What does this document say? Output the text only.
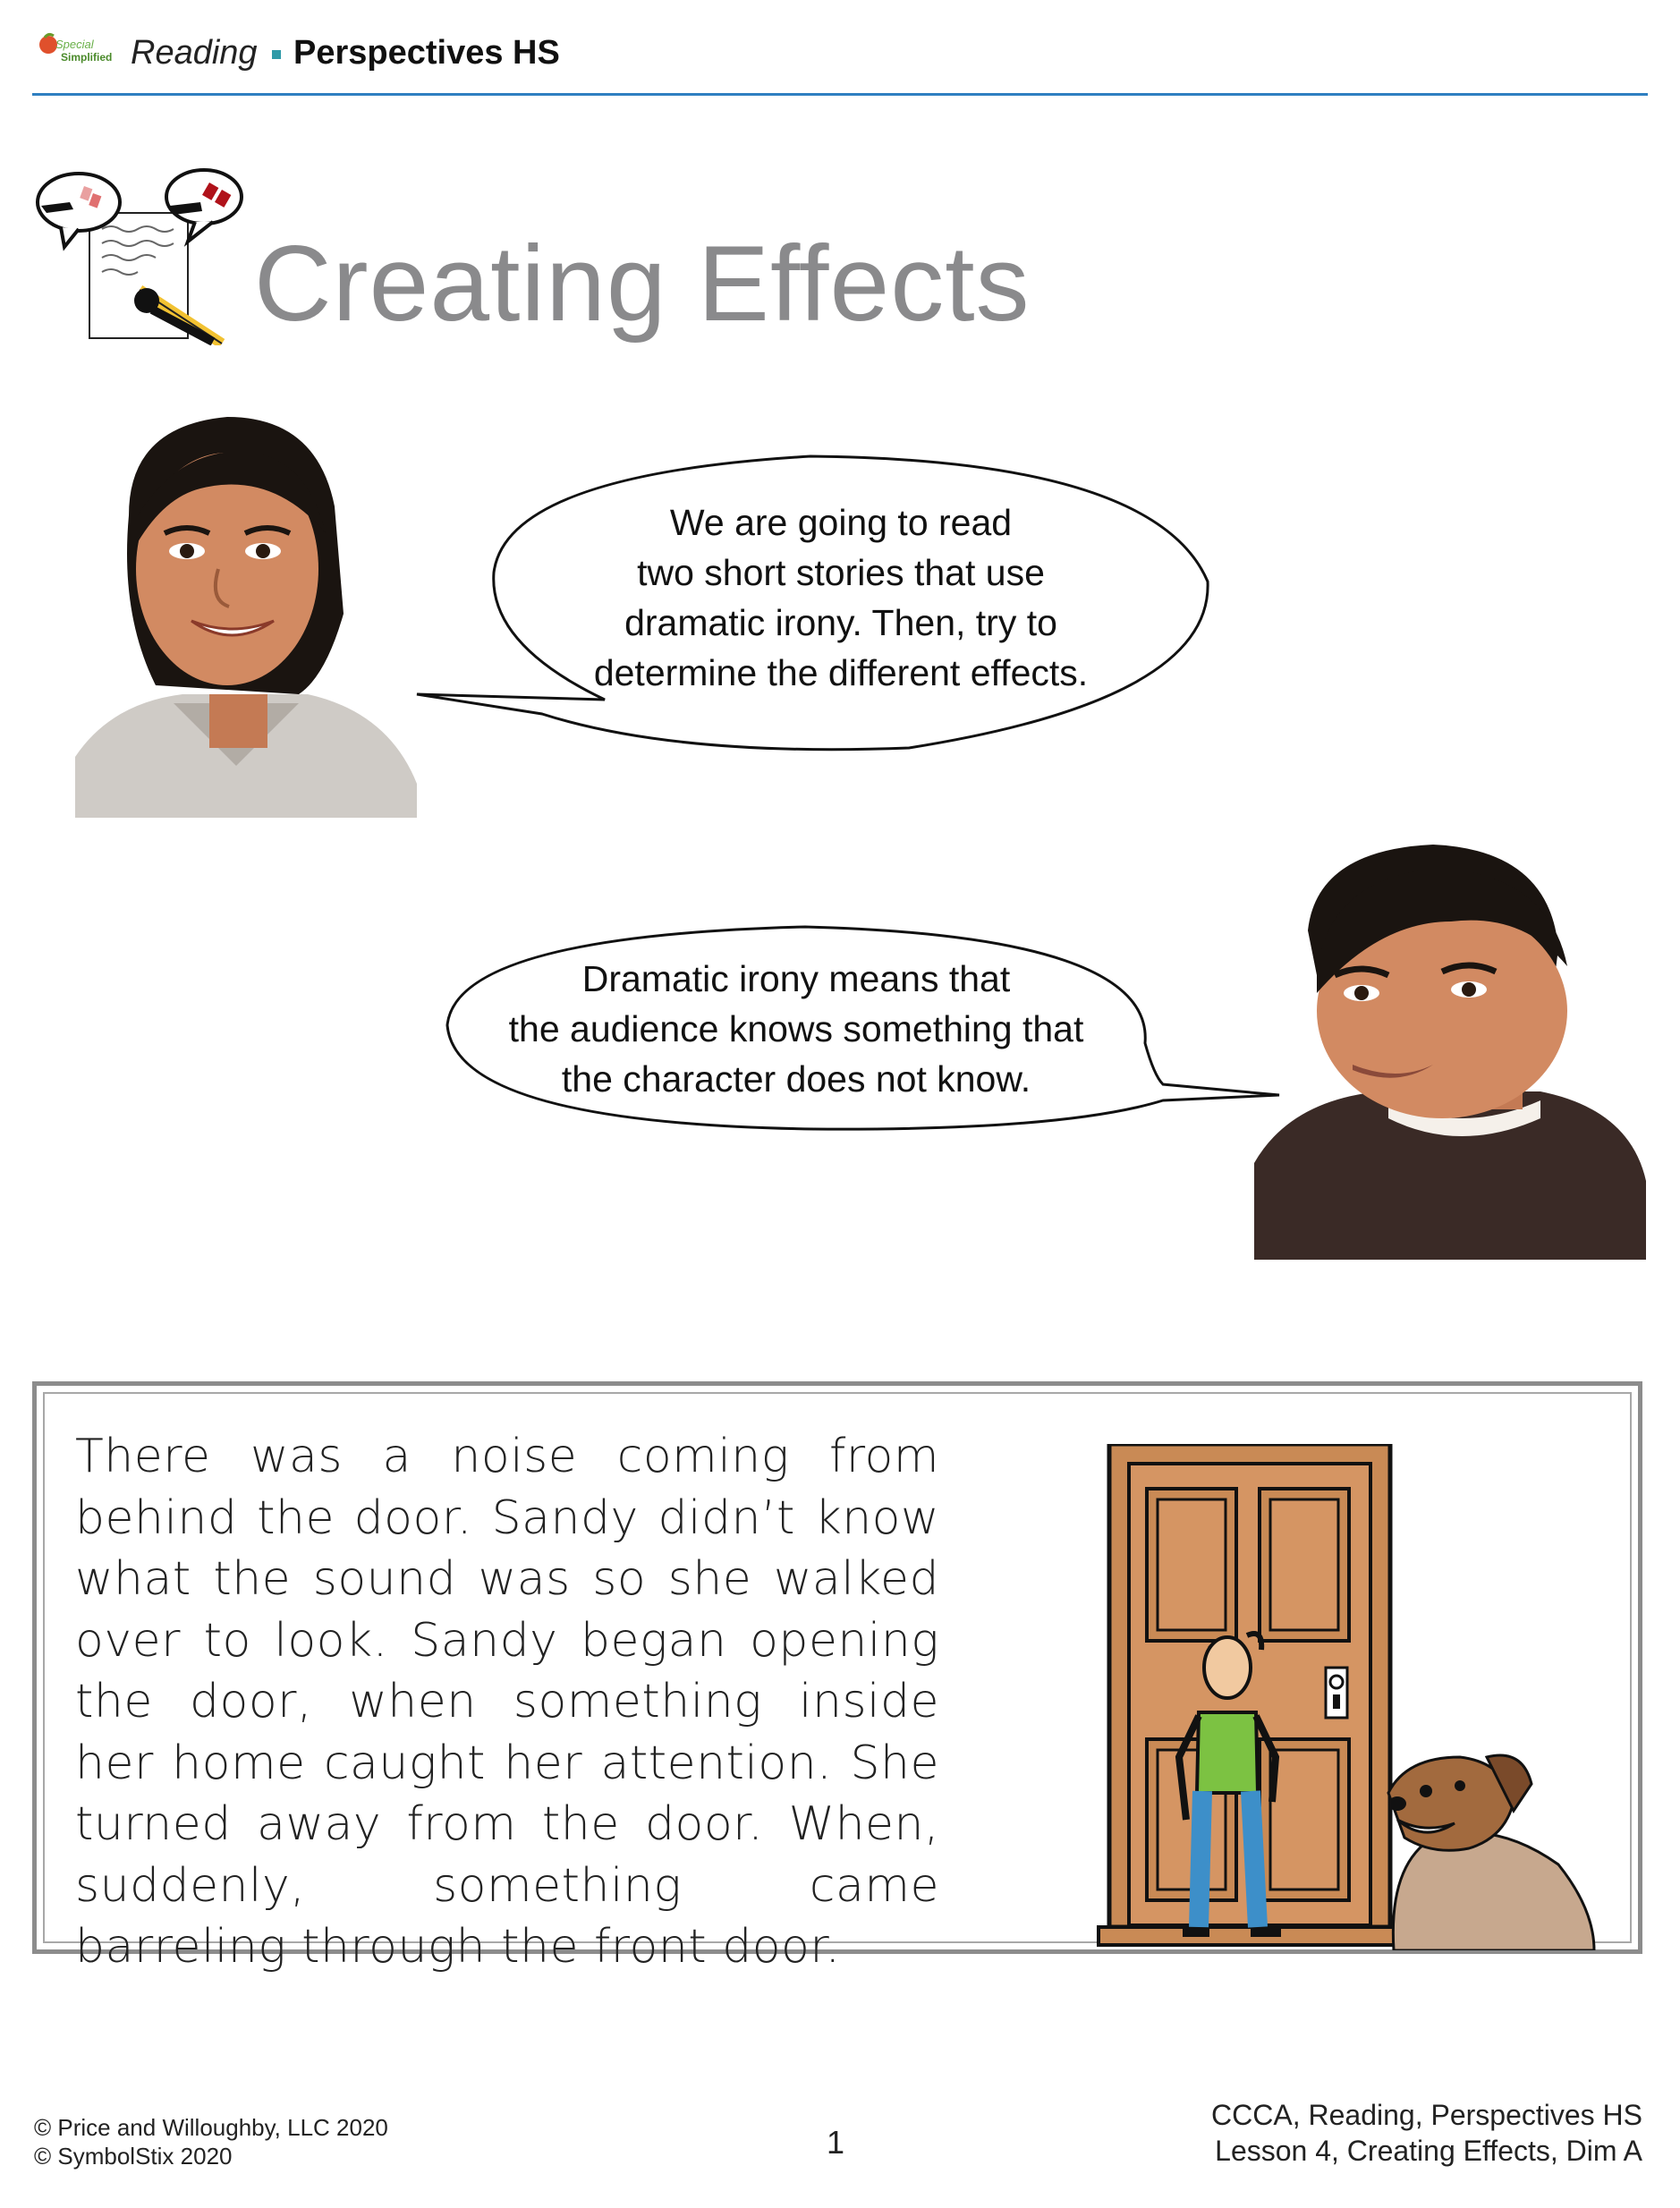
Special
Simplified Reading Perspectives HS
Creating Effects
We are going to read
two short stories that use
dramatic irony. Then, try to
determine the different effects.
Dramatic irony means that
the audience knows something that
the character does not know.
There was a noise coming from behind the door. Sandy didn’t know what the sound was so she walked over to look. Sandy began opening the door, when something inside her home caught her attention. She turned away from the door. When, suddenly, something came barreling through the front door.
© Price and Willoughby, LLC 2020
© SymbolStix 2020	1
CCCA, Reading, Perspectives HS
Lesson 4, Creating Effects, Dim A
